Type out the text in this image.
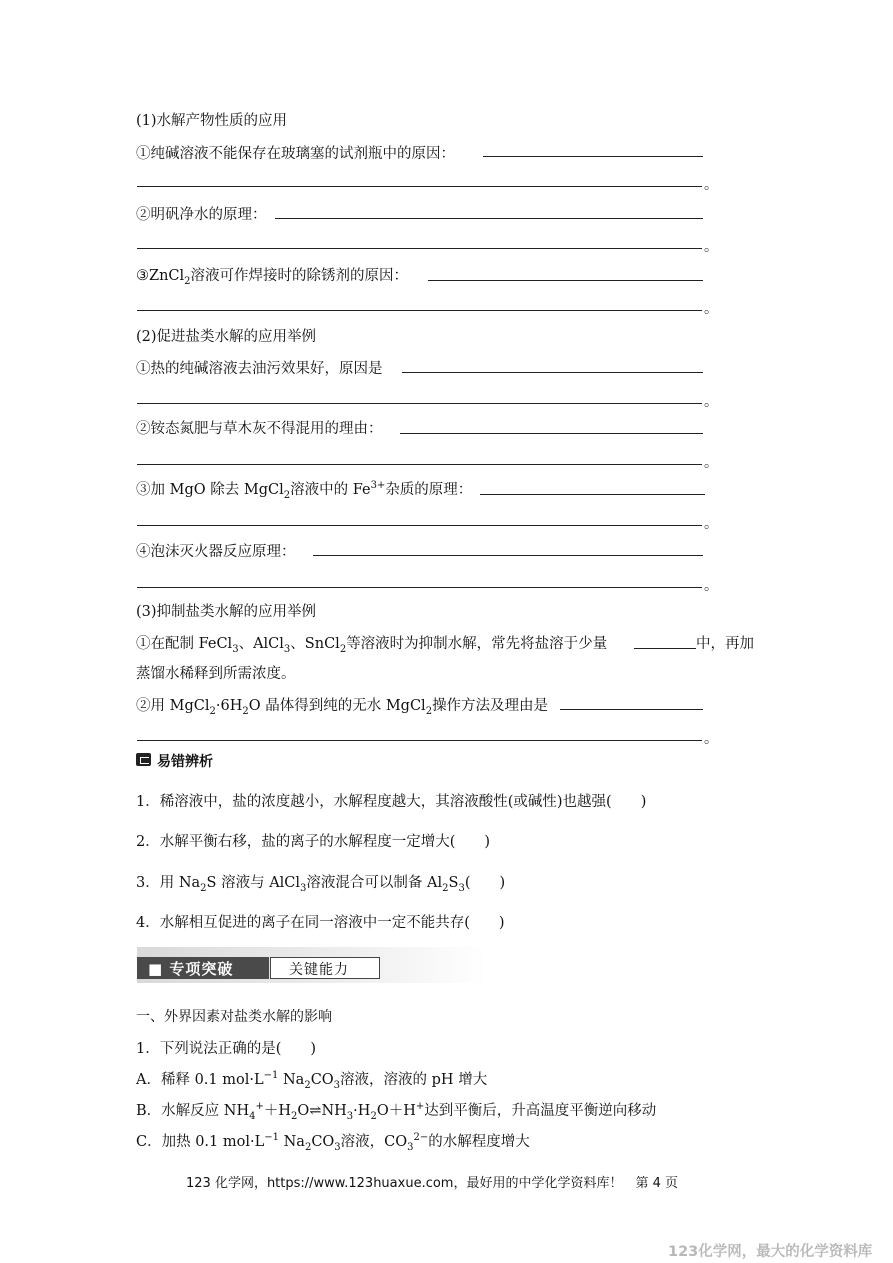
(1)水解产物性质的应用
①纯碱溶液不能保存在玻璃塞的试剂瓶中的原因：
。
②明矾净水的原理：
。
③ZnCl$_2$溶液可作焊接时的除锈剂的原因：
。
(2)促进盐类水解的应用举例
①热的纯碱溶液去油污效果好，原因是
。
②铵态氮肥与草木灰不得混用的理由：
。
③加 MgO 除去 MgCl$_2$溶液中的 $Fe^{3+}$杂质的原理：
。
④泡沫灭火器反应原理：
。
(3)抑制盐类水解的应用举例
①在配制 FeCl$_3$、AlCl$_3$、SnCl$_2$等溶液时为抑制水解，常先将盐溶于少量	中，再加
蒸馏水稀释到所需浓度。
②用 $MgCl_2\cdot 6H_2O$ 晶体得到纯的无水 MgCl$_2$操作方法及理由是
。
易错辨析
1．稀溶液中，盐的浓度越小，水解程度越大，其溶液酸性(或碱性)也越强(　　)
2．水解平衡右移，盐的离子的水解程度一定增大(　　)
3．用 $Na_2S$ 溶液与 AlCl$_3$溶液混合可以制备 $Al_2S_3$(　　)
4．水解相互促进的离子在同一溶液中一定不能共存(　　)
■ 专项突破	关键能力
一、外界因素对盐类水解的影响
1．下列说法正确的是(　　)
A．稀释 0.1 $mol\cdot L^{-1}$ $Na_2CO_3$溶液，溶液的 pH 增大
B．水解反应 $NH_4^++H_2O\rightleftharpoons NH_3\cdot H_2O+H^+$达到平衡后，升高温度平衡逆向移动
C．加热 0.1 $mol\cdot L^{-1}$ $Na_2CO_3$溶液，$CO_3^{2-}$的水解程度增大
123 化学网，https://www.123huaxue.com，最好用的中学化学资料库！　第 4 页
123化学网，最大的化学资料库
